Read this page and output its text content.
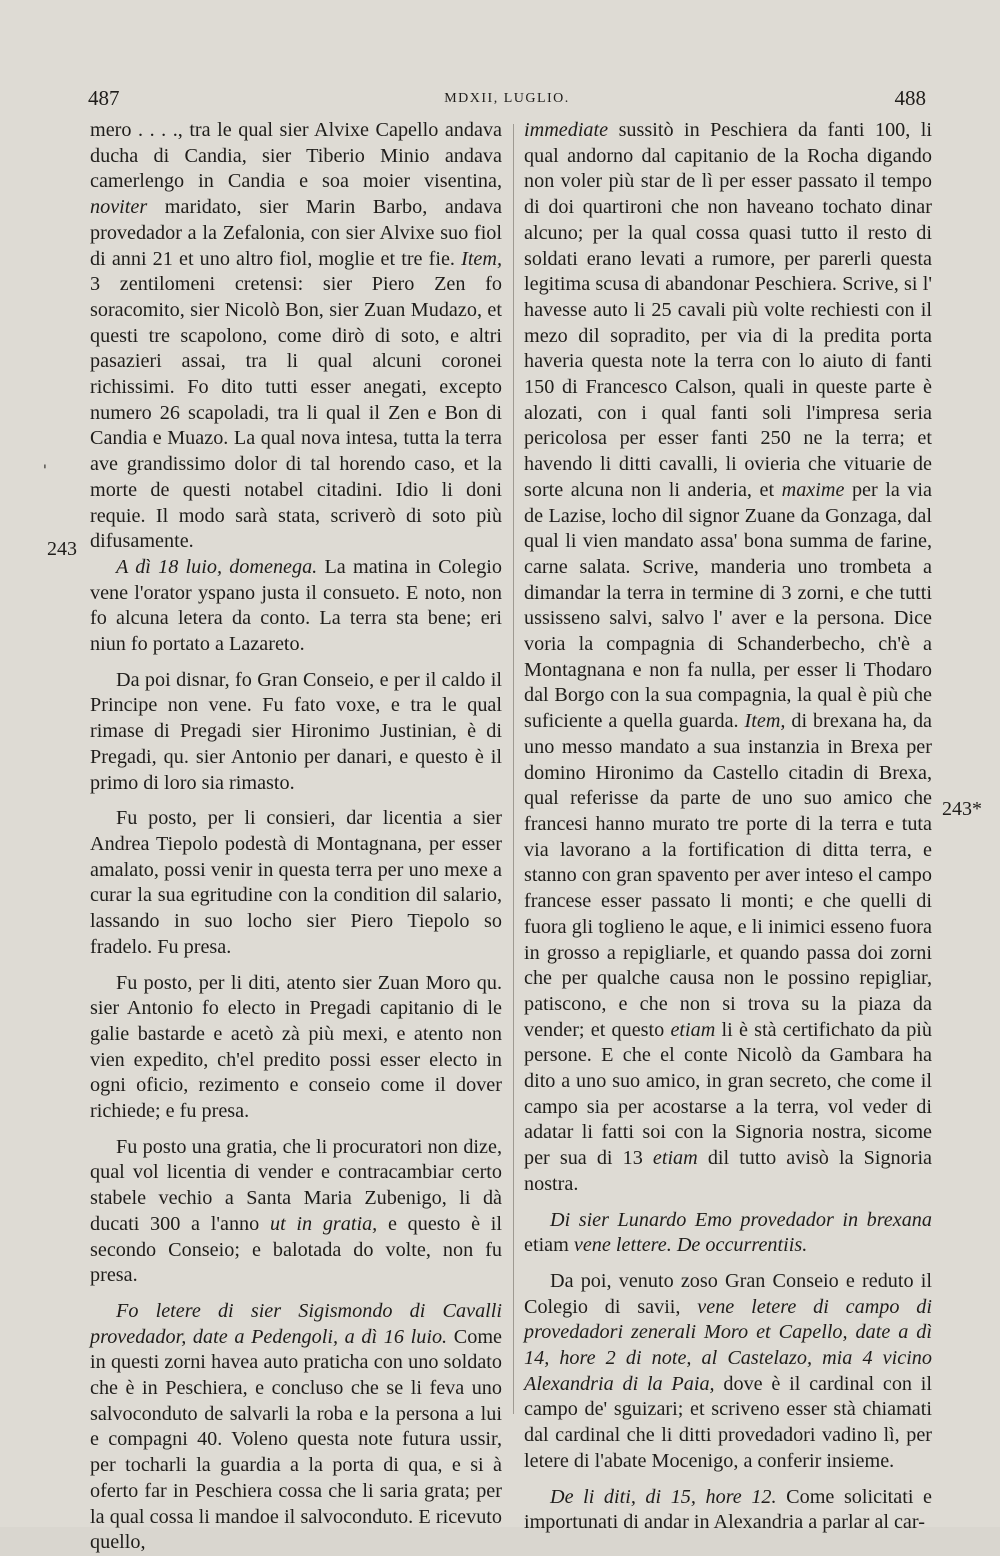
487	MDXII, LUGLIO.	488
243
243*
'

mero . . . ., tra le qual sier Alvixe Capello andava ducha di Candia, sier Tiberio Minio andava camerlengo in Candia e soa moier visentina, noviter maridato, sier Marin Barbo, andava provedador a la Zefalonia, con sier Alvixe suo fiol di anni 21 et uno altro fiol, moglie et tre fie. Item, 3 zentilomeni cretensi: sier Piero Zen fo soracomito, sier Nicolò Bon, sier Zuan Mudazo, et questi tre scapolono, come dirò di soto, e altri pasazieri assai, tra li qual alcuni coronei richissimi. Fo dito tutti esser anegati, excepto numero 26 scapoladi, tra li qual il Zen e Bon di Candia e Muazo. La qual nova intesa, tutta la terra ave grandissimo dolor di tal horendo caso, et la morte de questi notabel citadini. Idio li doni requie. Il modo sarà stata, scriverò di soto più difusamente.

A dì 18 luio, domenega. La matina in Colegio vene l'orator yspano justa il consueto. E noto, non fo alcuna letera da conto. La terra sta bene; eri niun fo portato a Lazareto.

Da poi disnar, fo Gran Conseio, e per il caldo il Principe non vene. Fu fato voxe, e tra le qual rimase di Pregadi sier Hironimo Justinian, è di Pregadi, qu. sier Antonio per danari, e questo è il primo di loro sia rimasto.

Fu posto, per li consieri, dar licentia a sier Andrea Tiepolo podestà di Montagnana, per esser amalato, possi venir in questa terra per uno mexe a curar la sua egritudine con la condition dil salario, lassando in suo locho sier Piero Tiepolo so fradelo. Fu presa.

Fu posto, per li diti, atento sier Zuan Moro qu. sier Antonio fo electo in Pregadi capitanio di le galie bastarde e acetò zà più mexi, e atento non vien expedito, ch'el predito possi esser electo in ogni oficio, rezimento e conseio come il dover richiede; e fu presa.

Fu posto una gratia, che li procuratori non dize, qual vol licentia di vender e contracambiar certo stabele vechio a Santa Maria Zubenigo, li dà ducati 300 a l'anno ut in gratia, e questo è il secondo Conseio; e balotada do volte, non fu presa.

Fo letere di sier Sigismondo di Cavalli provedador, date a Pedengoli, a dì 16 luio. Come in questi zorni havea auto praticha con uno soldato che è in Peschiera, e concluso che se li feva uno salvoconduto de salvarli la roba e la persona a lui e compagni 40. Voleno questa note futura ussir, per tocharli la guardia a la porta di qua, e si à oferto far in Peschiera cossa che li saria grata; per la qual cossa li mandoe il salvoconduto. E ricevuto quello,

immediate sussitò in Peschiera da fanti 100, li qual andorno dal capitanio de la Rocha digando non voler più star de lì per esser passato il tempo di doi quartironi che non haveano tochato dinar alcuno; per la qual cossa quasi tutto il resto di soldati erano levati a rumore, per parerli questa legitima scusa di abandonar Peschiera. Scrive, si l' havesse auto li 25 cavali più volte rechiesti con il mezo dil sopradito, per via di la predita porta haveria questa note la terra con lo aiuto di fanti 150 di Francesco Calson, quali in queste parte è alozati, con i qual fanti soli l'impresa seria pericolosa per esser fanti 250 ne la terra; et havendo li ditti cavalli, li ovieria che vituarie de sorte alcuna non li anderia, et maxime per la via de Lazise, locho dil signor Zuane da Gonzaga, dal qual li vien mandato assa' bona summa de farine, carne salata. Scrive, manderia uno trombeta a dimandar la terra in termine di 3 zorni, e che tutti ussisseno salvi, salvo l' aver e la persona. Dice voria la compagnia di Schanderbecho, ch'è a Montagnana e non fa nulla, per esser li Thodaro dal Borgo con la sua compagnia, la qual è più che suficiente a quella guarda. Item, di brexana ha, da uno messo mandato a sua instanzia in Brexa per domino Hironimo da Castello citadin di Brexa, qual referisse da parte de uno suo amico che francesi hanno murato tre porte di la terra e tuta via lavorano a la fortification di ditta terra, e stanno con gran spavento per aver inteso el campo francese esser passato li monti; e che quelli di fuora gli toglieno le aque, e li inimici esseno fuora in grosso a repigliarle, et quando passa doi zorni che per qualche causa non le possino repigliar, patiscono, e che non si trova su la piaza da vender; et questo etiam li è stà certifichato da più persone. E che el conte Nicolò da Gambara ha dito a uno suo amico, in gran secreto, che come il campo sia per acostarse a la terra, vol veder di adatar li fatti soi con la Signoria nostra, sicome per sua di 13 etiam dil tutto avisò la Signoria nostra.

Di sier Lunardo Emo provedador in brexana etiam vene lettere. De occurrentiis.

Da poi, venuto zoso Gran Conseio e reduto il Colegio di savii, vene letere di campo di provedadori zenerali Moro et Capello, date a dì 14, hore 2 di note, al Castelazo, mia 4 vicino Alexandria di la Paia, dove è il cardinal con il campo de' sguizari; et scriveno esser stà chiamati dal cardinal che li ditti provedadori vadino lì, per letere di l'abate Mocenigo, a conferir insieme.

De li diti, di 15, hore 12. Come solicitati e importunati di andar in Alexandria a parlar al car-
